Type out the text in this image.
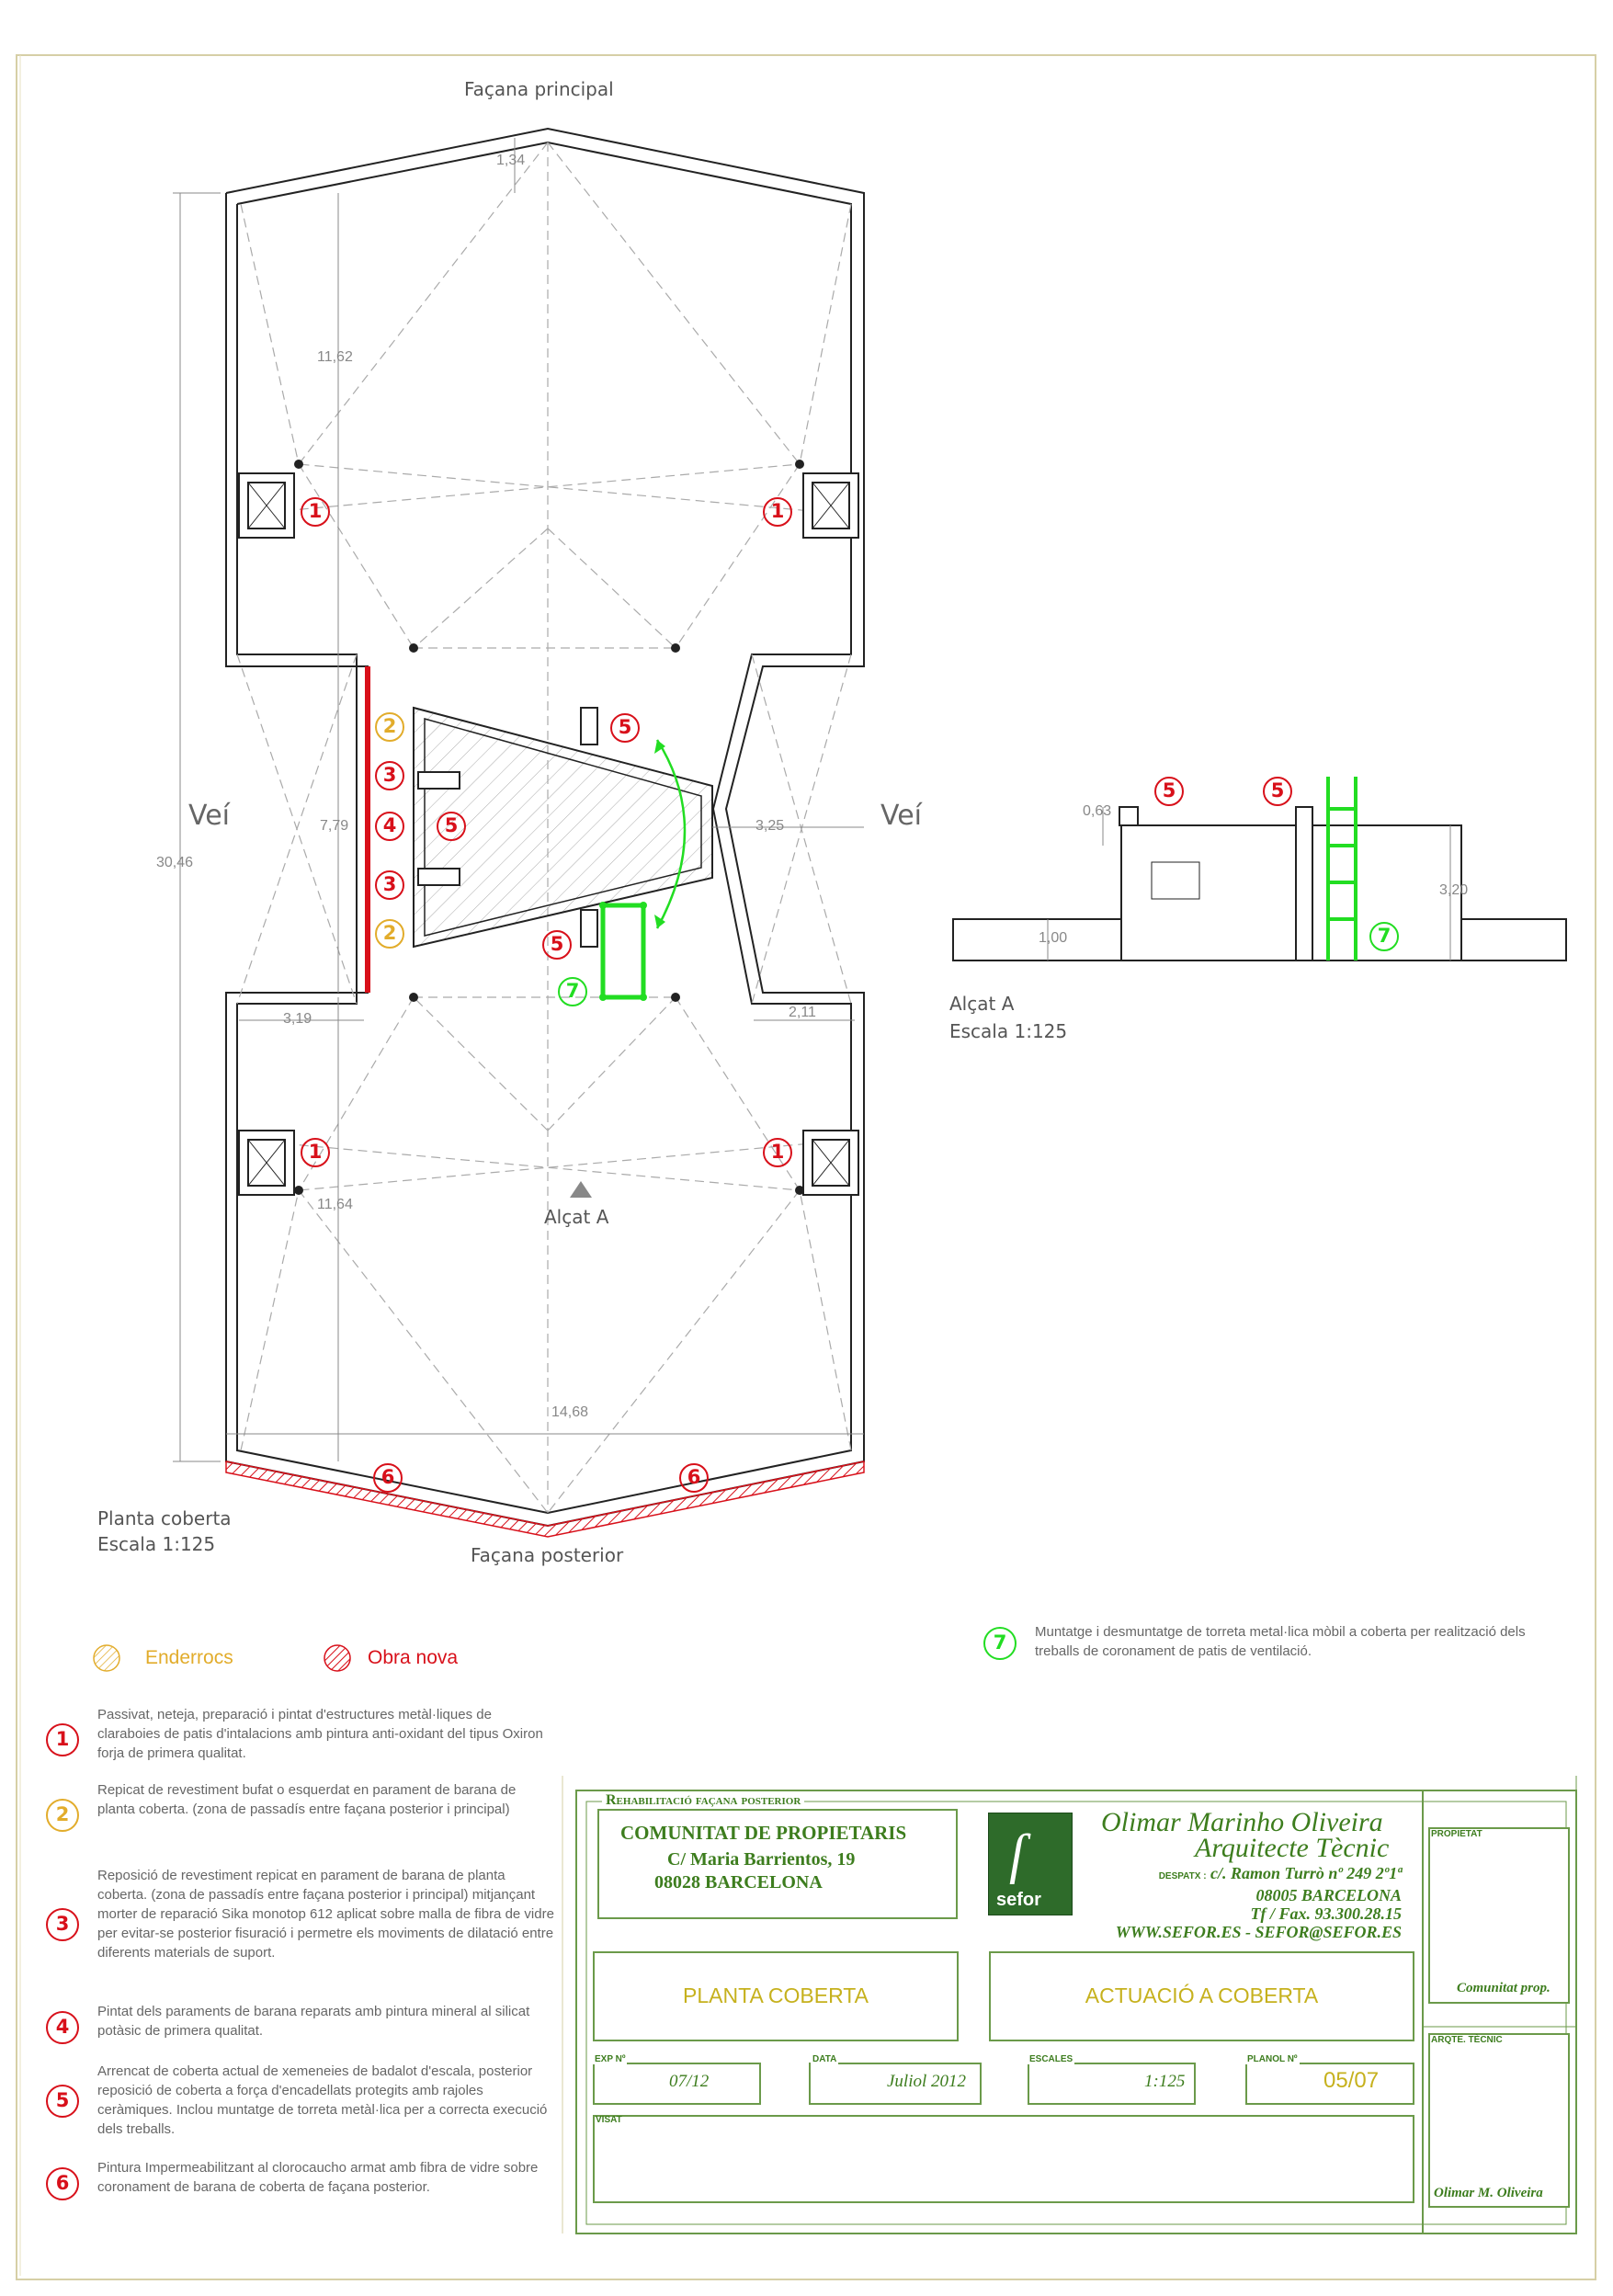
Façana principal
Façana posterior
Veí	Veí
Planta coberta
Escala 1:125
Alçat A
1,34
11,62
7,79
30,46
3,25
3,19	2,11
11,64
14,68
1	1
1	1
2
3
4
3
2
5
5
5
7
6	6
0,63
3,20
1,00
5	5
7
Alçat A
Escala 1:125
Enderrocs	Obra nova
1
Passivat, neteja, preparació i pintat d'estructures metàl·liques de claraboies de patis d'intalacions amb pintura anti-oxidant del tipus Oxiron forja de primera qualitat.
2
Repicat de revestiment bufat o esquerdat en parament de barana de planta coberta. (zona de passadís entre façana posterior i principal)
3
Reposició de revestiment repicat en parament de barana de planta coberta. (zona de passadís entre façana posterior i principal) mitjançant morter de reparació Sika monotop 612 aplicat sobre malla de fibra de vidre per evitar-se posterior fisuració i permetre els moviments de dilatació entre diferents materials de suport.
4
Pintat dels paraments de barana reparats amb pintura mineral al silicat potàsic de primera qualitat.
5
Arrencat de coberta actual de xemeneies de badalot d'escala, posterior reposició de coberta a força d'encadellats protegits amb rajoles ceràmiques. Inclou muntatge de torreta metàl·lica per a correcta execució dels treballs.
6
Pintura Impermeabilitzant al clorocaucho armat amb fibra de vidre sobre coronament de barana de coberta de façana posterior.
7	Muntatge i desmuntatge de torreta metal·lica mòbil a coberta per realització dels treballs de coronament de patis de ventilació.
Rehabilitació façana posterior
COMUNITAT DE PROPIETARIS
C/ Maria Barrientos, 19
08028 BARCELONA	ſ
sefor
Olimar Marinho Oliveira
Arquitecte Tècnic
DESPATX : c/. Ramon Turrò nº 249 2º1ª
08005 BARCELONA
Tf / Fax. 93.300.28.15
WWW.SEFOR.ES - SEFOR@SEFOR.ES
PLANTA COBERTA	ACTUACIÓ A COBERTA
EXP Nº
07/12
DATA
Juliol 2012
ESCALES
1:125
PLANOL Nº
05/07
VISAT
PROPIETAT
Comunitat prop.
ARQTE. TÈCNIC
Olimar M. Oliveira
